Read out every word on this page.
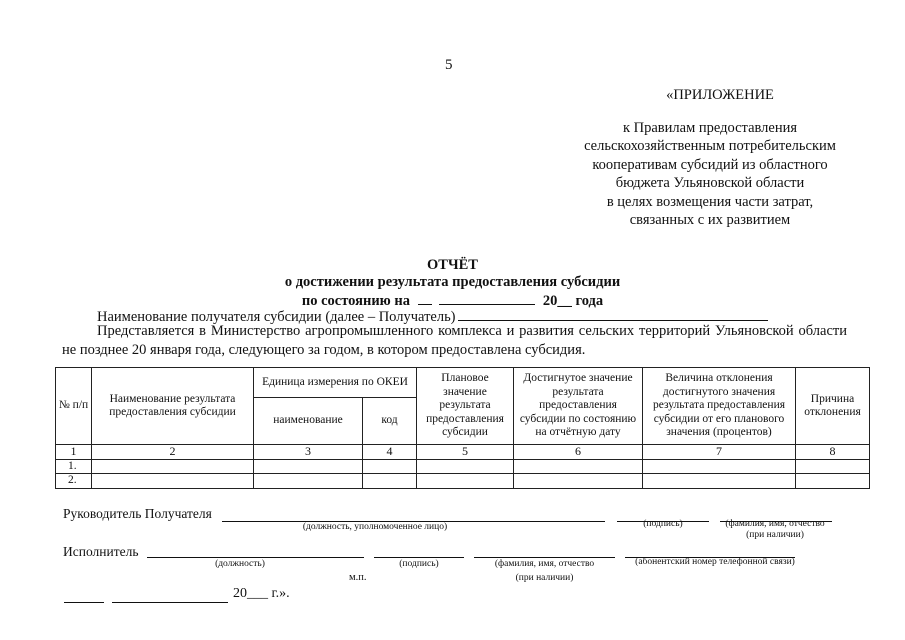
5
«ПРИЛОЖЕНИЕ
к Правилам предоставления
сельскохозяйственным потребительским
кооперативам субсидий из областного
бюджета Ульяновской области
в целях возмещения части затрат,
связанных с их развитием
ОТЧЁТ
о достижении результата предоставления субсидии
по состоянию на	20__ года
Наименование получателя субсидии (далее – Получатель)
Представляется в Министерство агропромышленного комплекса и развития сельских территорий Ульяновской области не позднее 20 января года, следующего за годом, в котором предоставлена субсидия.
№ п/п	Наименование результата предоставления субсидии	Единица измерения по ОКЕИ		Плановое значение результата предоставления субсидии	Достигнутое значение результата предоставления субсидии по состоянию на отчётную дату	Величина отклонения достигнутого значения результата предоставления субсидии от его планового значения (процентов)	Причина отклонения
		наименование	код				
1	2	3	4	5	6	7	8
1.							
2.							
Руководитель Получателя
(должность, уполномоченное лицо)	(подпись)	(фамилия, имя, отчество
(при наличии)
Исполнитель
(должность)	(подпись)	(фамилия, имя, отчество
(при наличии)
(абонентский номер телефонной связи)
м.п.
20___ г.».
